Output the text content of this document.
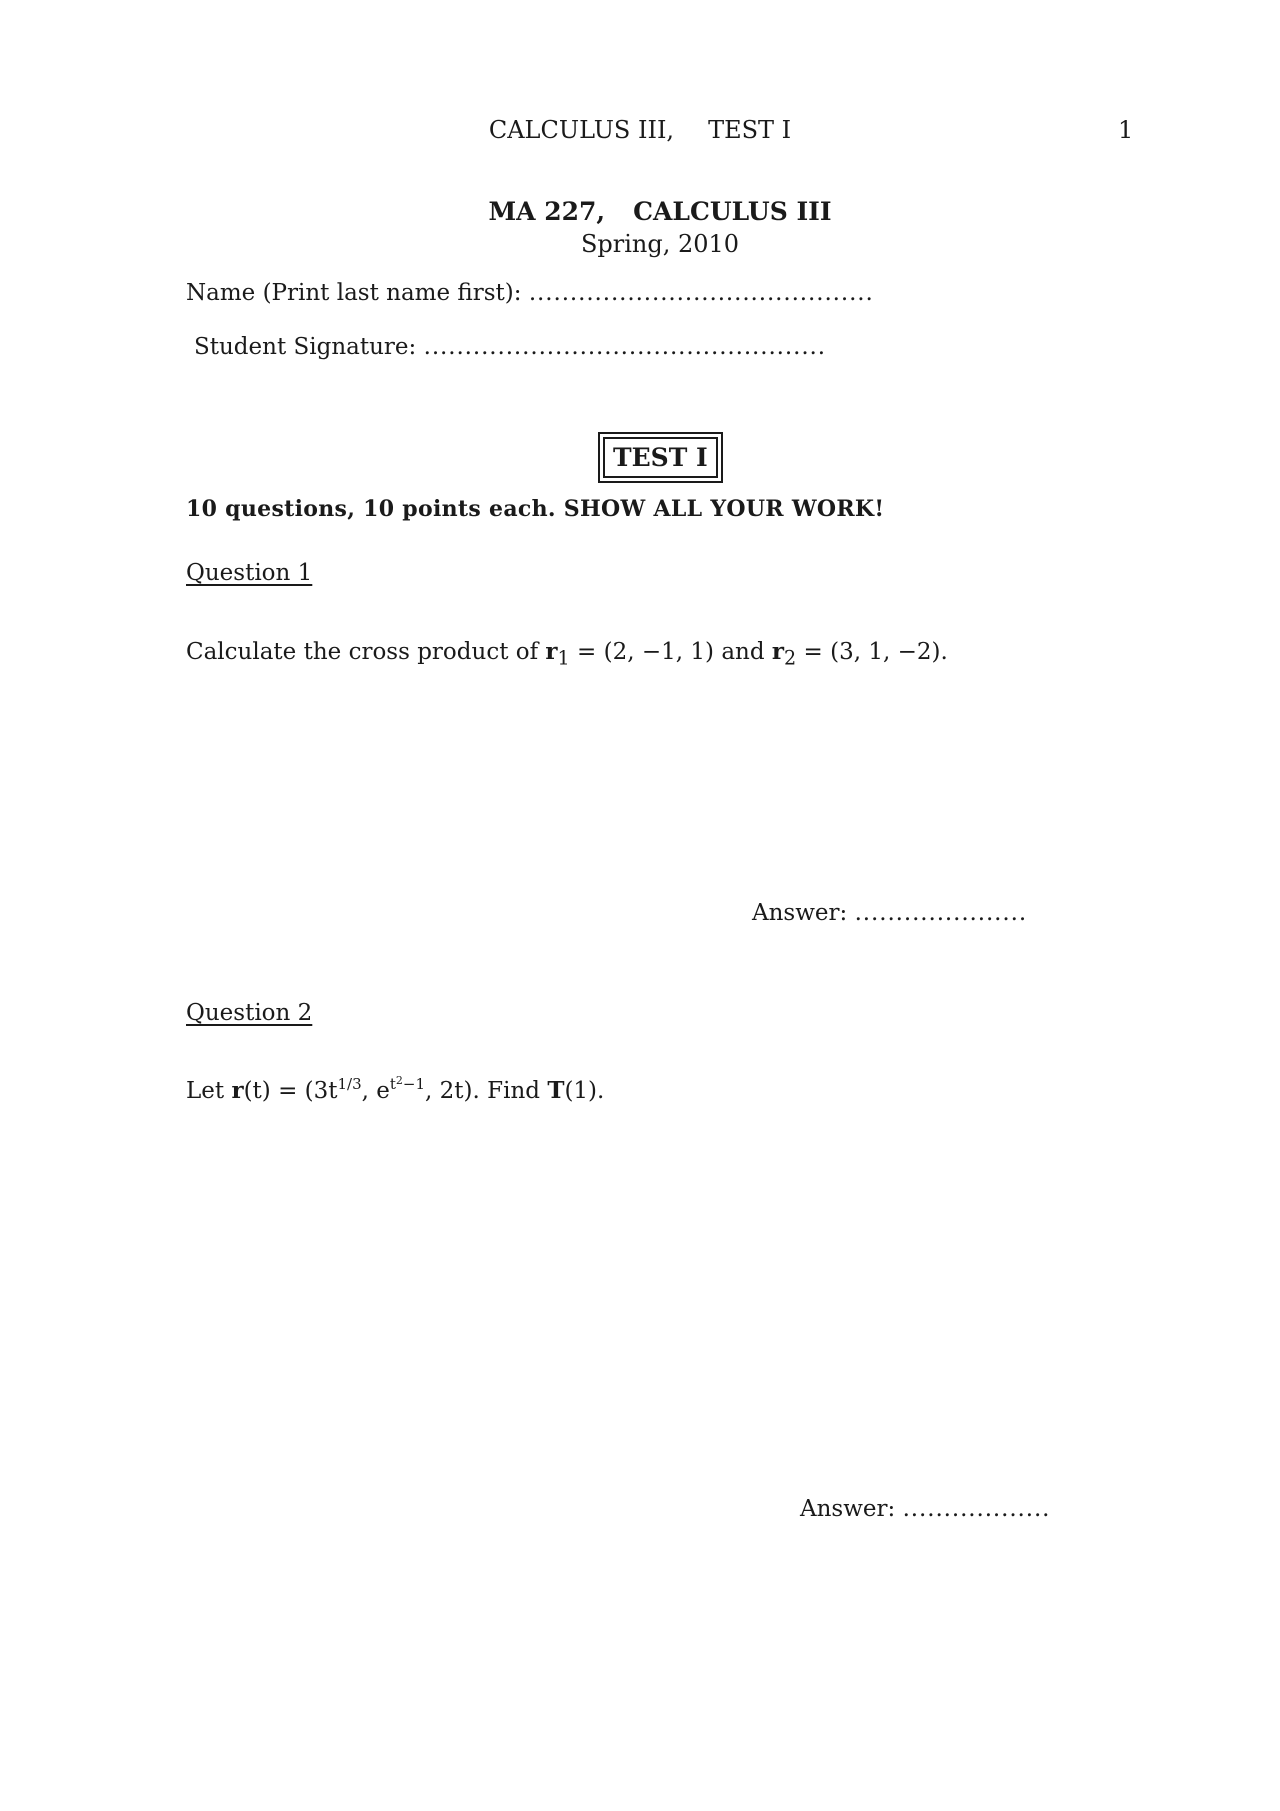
CALCULUS III, TEST I	1
MA 227, CALCULUS III
Spring, 2010
Name (Print last name first): ..........................................
Student Signature: .................................................
TEST I
10 questions, 10 points each. SHOW ALL YOUR WORK!
Question 1
Calculate the cross product of $r_1 = (2$, −1, 1) and $r_2 = (3$, 1, −2).
Answer: .....................
Question 2
Let $r(t) = (3t^{1/3}$, $e^{t^2-1}$, 2t). Find T(1).
Answer: ..................
